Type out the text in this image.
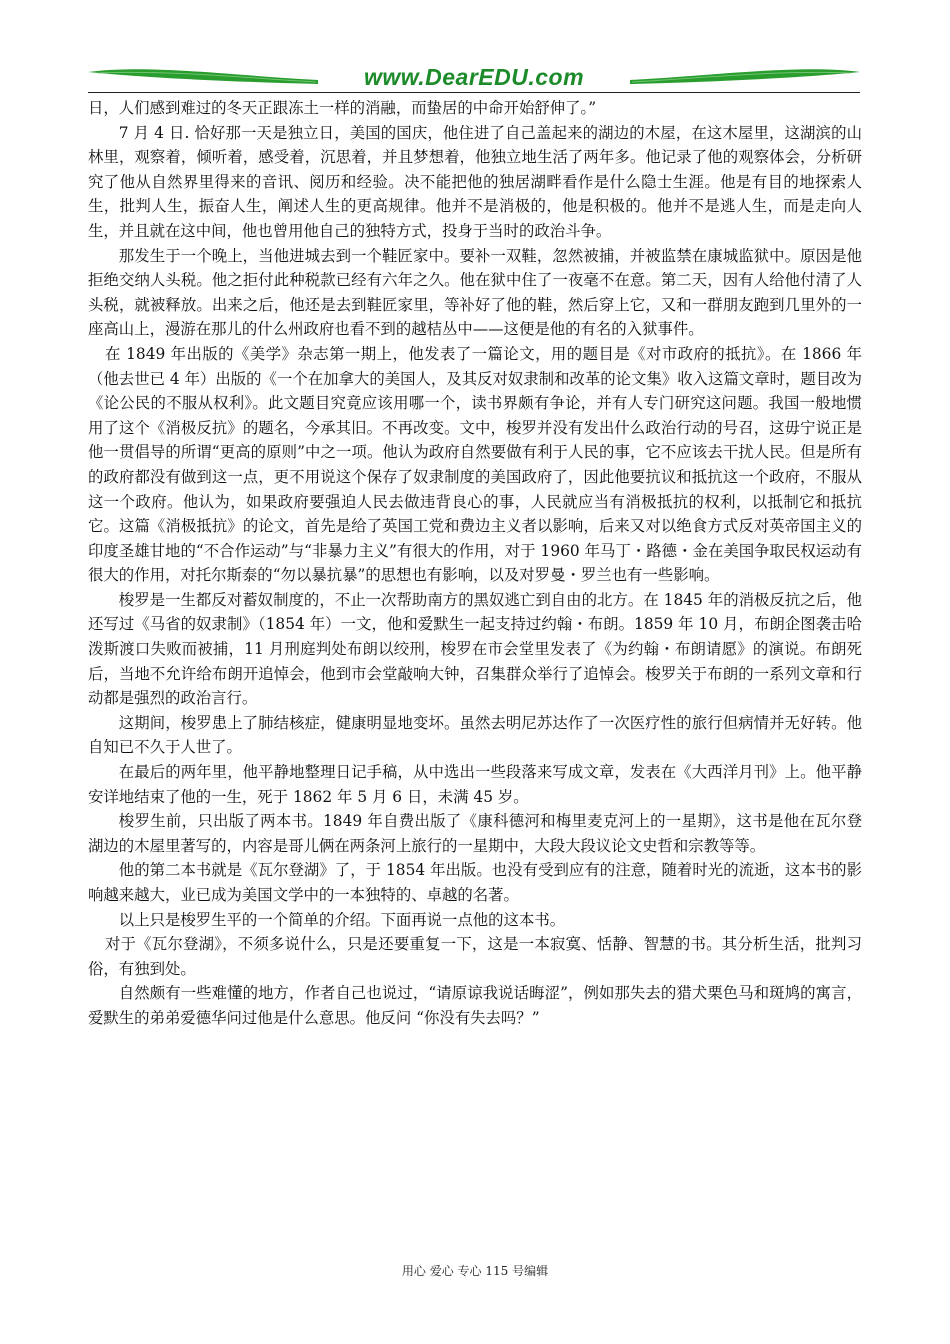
www.DearEDU.com

日，人们感到难过的冬天正跟冻土一样的消融，而蛰居的中命开始舒伸了。”

7 月 4 日. 恰好那一天是独立日，美国的国庆，他住进了自己盖起来的湖边的木屋，在这木屋里，这湖滨的山林里，观察着，倾听着，感受着，沉思着，并且梦想着，他独立地生活了两年多。他记录了他的观察体会，分析研究了他从自然界里得来的音讯、阅历和经验。决不能把他的独居湖畔看作是什么隐士生涯。他是有目的地探索人生，批判人生，振奋人生，阐述人生的更高规律。他并不是消极的，他是积极的。他并不是逃人生，而是走向人生，并且就在这中间，他也曾用他自己的独特方式，投身于当时的政治斗争。

那发生于一个晚上，当他进城去到一个鞋匠家中。要补一双鞋，忽然被捕，并被监禁在康城监狱中。原因是他拒绝交纳人头税。他之拒付此种税款已经有六年之久。他在狱中住了一夜毫不在意。第二天，因有人给他付清了人头税，就被释放。出来之后，他还是去到鞋匠家里，等补好了他的鞋，然后穿上它，又和一群朋友跑到几里外的一座高山上，漫游在那儿的什么州政府也看不到的越桔丛中——这便是他的有名的入狱事件。

在 1849 年出版的《美学》杂志第一期上，他发表了一篇论文，用的题目是《对市政府的抵抗》。在 1866 年（他去世已 4 年）出版的《一个在加拿大的美国人，及其反对奴隶制和改革的论文集》收入这篇文章时，题目改为《论公民的不服从权利》。此文题目究竟应该用哪一个，读书界颇有争论，并有人专门研究这问题。我国一般地惯用了这个《消极反抗》的题名，今承其旧。不再改变。文中，梭罗并没有发出什么政治行动的号召，这毋宁说正是他一贯倡导的所谓“更高的原则”中之一项。他认为政府自然要做有利于人民的事，它不应该去干扰人民。但是所有的政府都没有做到这一点，更不用说这个保存了奴隶制度的美国政府了，因此他要抗议和抵抗这一个政府，不服从这一个政府。他认为，如果政府要强迫人民去做违背良心的事，人民就应当有消极抵抗的权利，以抵制它和抵抗它。这篇《消极抵抗》的论文，首先是给了英国工党和费边主义者以影响，后来又对以绝食方式反对英帝国主义的印度圣雄甘地的“不合作运动”与“非暴力主义”有很大的作用，对于 1960 年马丁・路德・金在美国争取民权运动有很大的作用，对托尔斯泰的“勿以暴抗暴”的思想也有影响，以及对罗曼・罗兰也有一些影响。

梭罗是一生都反对蓄奴制度的，不止一次帮助南方的黑奴逃亡到自由的北方。在 1845 年的消极反抗之后，他还写过《马省的奴隶制》（1854 年）一文，他和爱默生一起支持过约翰・布朗。1859 年 10 月，布朗企图袭击哈泼斯渡口失败而被捕，11 月刑庭判处布朗以绞刑，梭罗在市会堂里发表了《为约翰・布朗请愿》的演说。布朗死后，当地不允许给布朗开追悼会，他到市会堂敲响大钟，召集群众举行了追悼会。梭罗关于布朗的一系列文章和行动都是强烈的政治言行。

这期间，梭罗患上了肺结核症，健康明显地变坏。虽然去明尼苏达作了一次医疗性的旅行但病情并无好转。他自知已不久于人世了。

在最后的两年里，他平静地整理日记手稿，从中选出一些段落来写成文章，发表在《大西洋月刊》上。他平静安详地结束了他的一生，死于 1862 年 5 月 6 日，未满 45 岁。

梭罗生前，只出版了两本书。1849 年自费出版了《康科德河和梅里麦克河上的一星期》，这书是他在瓦尔登湖边的木屋里著写的，内容是哥儿俩在两条河上旅行的一星期中，大段大段议论文史哲和宗教等等。

他的第二本书就是《瓦尔登湖》了，于 1854 年出版。也没有受到应有的注意，随着时光的流逝，这本书的影响越来越大，业已成为美国文学中的一本独特的、卓越的名著。

以上只是梭罗生平的一个简单的介绍。下面再说一点他的这本书。

对于《瓦尔登湖》，不须多说什么，只是还要重复一下，这是一本寂寞、恬静、智慧的书。其分析生活，批判习俗，有独到处。

自然颇有一些难懂的地方，作者自己也说过，“请原谅我说话晦涩”，例如那失去的猎犬栗色马和斑鸠的寓言，爱默生的弟弟爱德华问过他是什么意思。他反问 “你没有失去吗？”

用心 爱心 专心 115 号编辑
